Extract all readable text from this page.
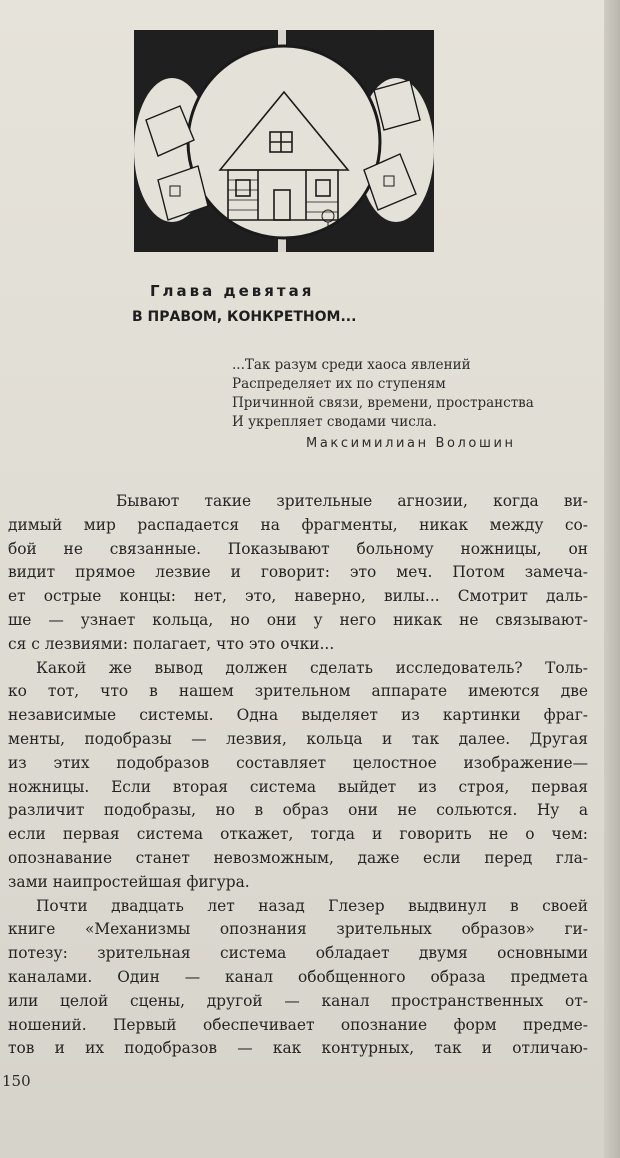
Глава девятая
В ПРАВОМ, КОНКРЕТНОМ...
...Так разум среди хаоса явлений
Распределяет их по ступеням
Причинной связи, времени, пространства
И укрепляет сводами числа.
Максимилиан Волошин
Бывают такие зрительные агнозии, когда ви-
димый мир распадается на фрагменты, никак между со-
бой не связанные. Показывают больному ножницы, он
видит прямое лезвие и говорит: это меч. Потом замеча-
ет острые концы: нет, это, наверно, вилы... Смотрит даль-
ше — узнает кольца, но они у него никак не связывают-
ся с лезвиями: полагает, что это очки...
Какой же вывод должен сделать исследователь? Толь-
ко тот, что в нашем зрительном аппарате имеются две
независимые системы. Одна выделяет из картинки фраг-
менты, подобразы — лезвия, кольца и так далее. Другая
из этих подобразов составляет целостное изображение—
ножницы. Если вторая система выйдет из строя, первая
различит подобразы, но в образ они не сольются. Ну а
если первая система откажет, тогда и говорить не о чем:
опознавание станет невозможным, даже если перед гла-
зами наипростейшая фигура.
Почти двадцать лет назад Глезер выдвинул в своей
книге «Механизмы опознания зрительных образов» ги-
потезу: зрительная система обладает двумя основными
каналами. Один — канал обобщенного образа предмета
или целой сцены, другой — канал пространственных от-
ношений. Первый обеспечивает опознание форм предме-
тов и их подобразов — как контурных, так и отличаю-
150
